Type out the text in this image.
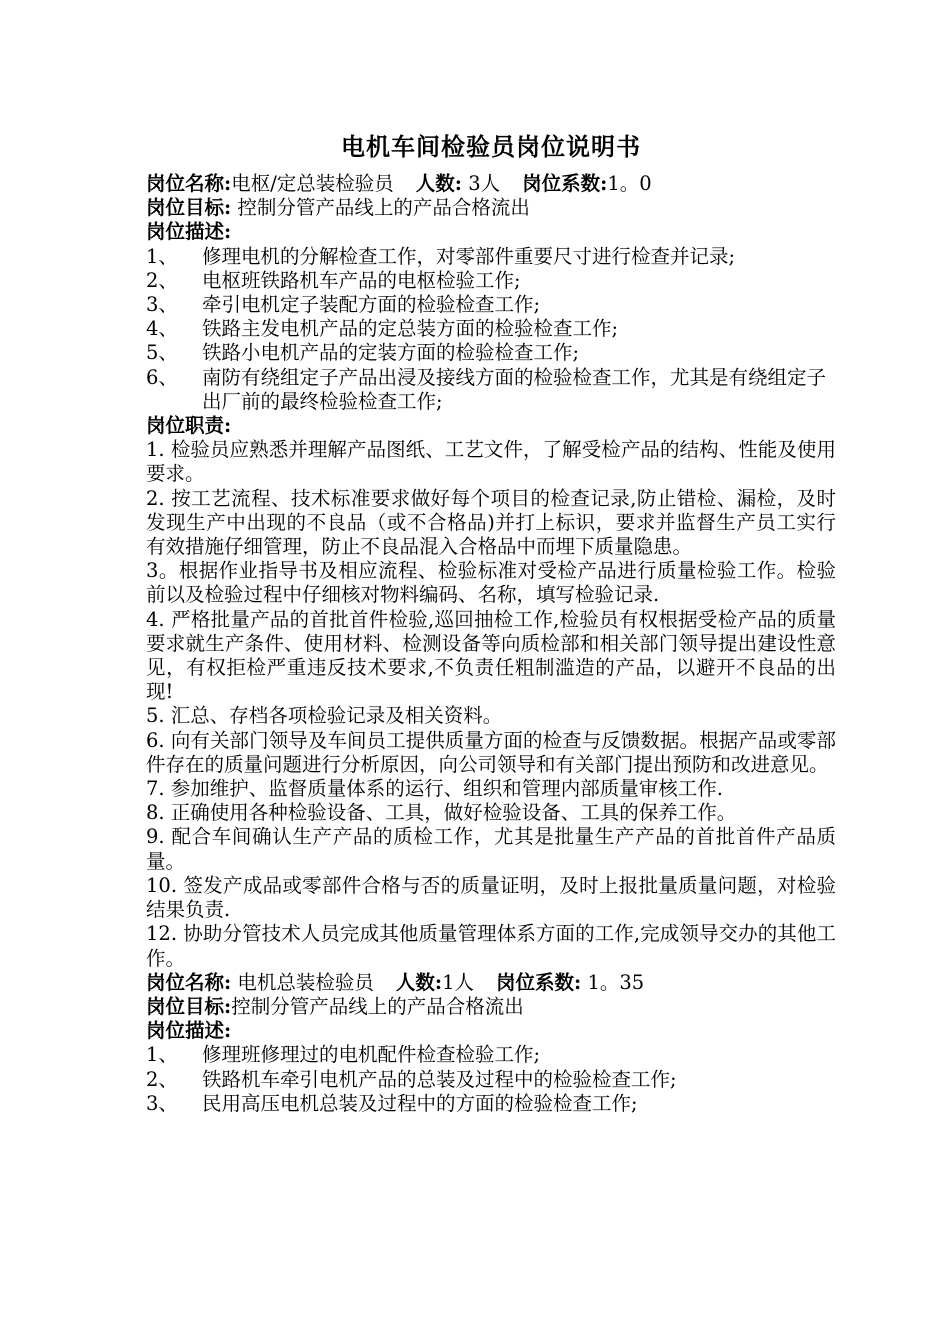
电机车间检验员岗位说明书
岗位名称:电枢/定总装检验员 人数: 3人 岗位系数:1。0
岗位目标: 控制分管产品线上的产品合格流出
岗位描述:
1、	修理电机的分解检查工作，对零部件重要尺寸进行检查并记录;
2、	电枢班铁路机车产品的电枢检验工作;
3、	牵引电机定子装配方面的检验检查工作;
4、	铁路主发电机产品的定总装方面的检验检查工作;
5、	铁路小电机产品的定装方面的检验检查工作;
6、	南防有绕组定子产品出浸及接线方面的检验检查工作，尤其是有绕组定子出厂前的最终检验检查工作;
岗位职责:
1. 检验员应熟悉并理解产品图纸、工艺文件，了解受检产品的结构、性能及使用要求。
2. 按工艺流程、技术标准要求做好每个项目的检查记录,防止错检、漏检，及时发现生产中出现的不良品（或不合格品)并打上标识，要求并监督生产员工实行有效措施仔细管理，防止不良品混入合格品中而埋下质量隐患。
3。根据作业指导书及相应流程、检验标准对受检产品进行质量检验工作。检验前以及检验过程中仔细核对物料编码、名称，填写检验记录.
4. 严格批量产品的首批首件检验,巡回抽检工作,检验员有权根据受检产品的质量要求就生产条件、使用材料、检测设备等向质检部和相关部门领导提出建设性意见，有权拒检严重违反技术要求,不负责任粗制滥造的产品，以避开不良品的出现!
5. 汇总、存档各项检验记录及相关资料。
6. 向有关部门领导及车间员工提供质量方面的检查与反馈数据。根据产品或零部件存在的质量问题进行分析原因，向公司领导和有关部门提出预防和改进意见。
7. 参加维护、监督质量体系的运行、组织和管理内部质量审核工作.
8. 正确使用各种检验设备、工具，做好检验设备、工具的保养工作。
9. 配合车间确认生产产品的质检工作，尤其是批量生产产品的首批首件产品质量。
10. 签发产成品或零部件合格与否的质量证明，及时上报批量质量问题，对检验结果负责.
12. 协助分管技术人员完成其他质量管理体系方面的工作,完成领导交办的其他工作。
岗位名称: 电机总装检验员 人数:1人 岗位系数: 1。35
岗位目标:控制分管产品线上的产品合格流出
岗位描述:
1、	修理班修理过的电机配件检查检验工作;
2、	铁路机车牵引电机产品的总装及过程中的检验检查工作;
3、	民用高压电机总装及过程中的方面的检验检查工作;
